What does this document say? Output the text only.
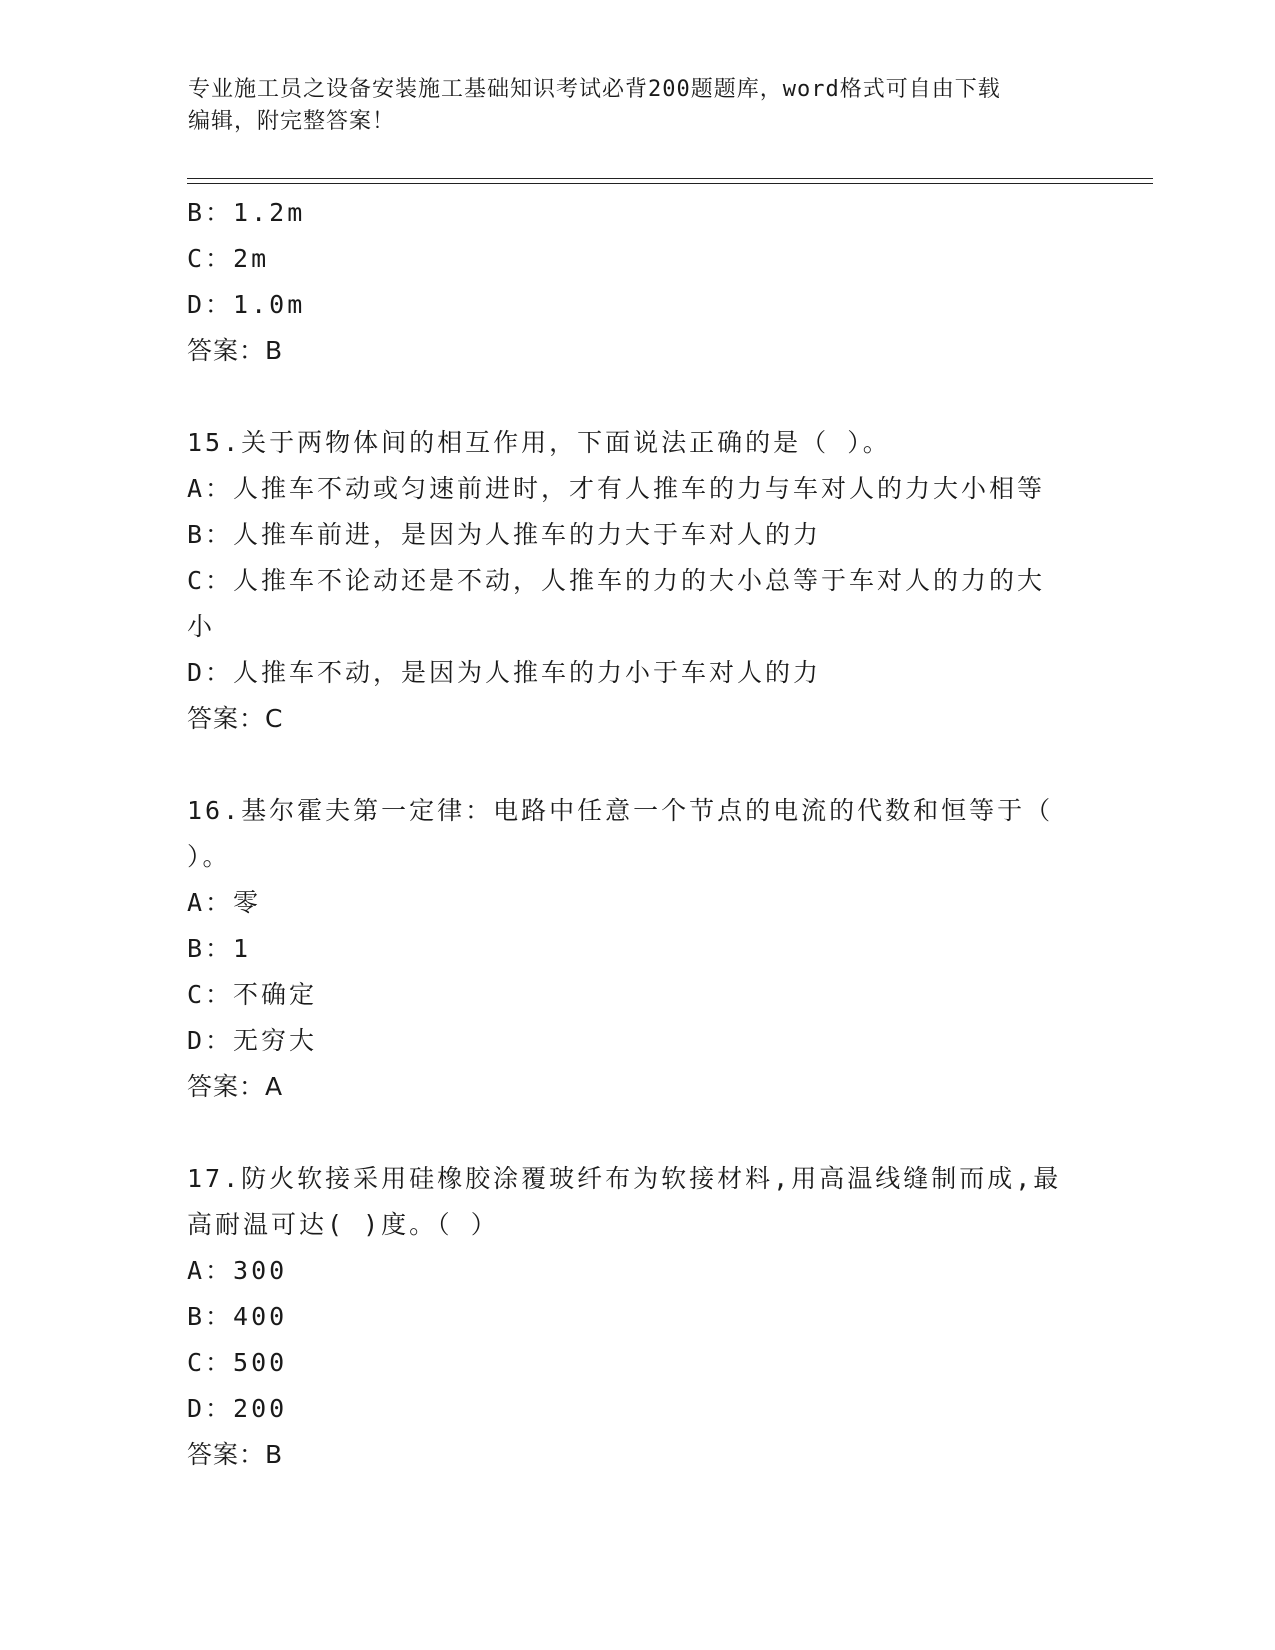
专业施工员之设备安装施工基础知识考试必背200题题库，word格式可自由下载
编辑，附完整答案！
B：1.2m
C：2m
D：1.0m
答案：B
15.关于两物体间的相互作用，下面说法正确的是（ ）。
A：人推车不动或匀速前进时，才有人推车的力与车对人的力大小相等
B：人推车前进，是因为人推车的力大于车对人的力
C：人推车不论动还是不动，人推车的力的大小总等于车对人的力的大小
D：人推车不动，是因为人推车的力小于车对人的力
答案：C
16.基尔霍夫第一定律：电路中任意一个节点的电流的代数和恒等于（ ）。
A：零
B：1
C：不确定
D：无穷大
答案：A
17.防火软接采用硅橡胶涂覆玻纤布为软接材料,用高温线缝制而成,最高耐温可达( )度。（ ）
A：300
B：400
C：500
D：200
答案：B
